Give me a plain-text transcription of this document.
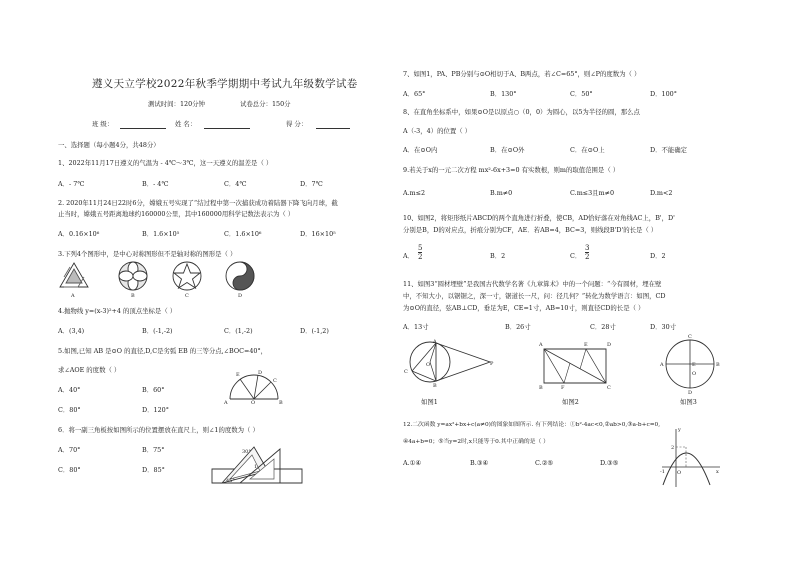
遵义天立学校2022年秋季学期期中考试九年级数学试卷
测试时间：120分钟	试卷总分：150分
班 级：	姓 名：	得 分：
一、选择题（每小题4分，共48分）
1、2022年11月17日遵义的气温为 - 4℃～3℃，这一天遵义的温差是（ ）
A．- 7℃	B．- 4℃	C．4℃	D．7℃
2. 2020年11月24日22时6分，嫦娥五号实现了“结过程中第一次捕获成功着陆器下降飞向月球，截
止当时，嫦娥五号距离地球约160000公里，其中160000用科学记数法表示为（ ）
A．0.16×10⁶	B．1.6×10⁵	C．1.6×10⁶	D．16×10⁵
3.下列4个图形中，是中心对称图形但不是轴对称的图形是（ ）
A	B	C	D
4.抛物线 y=(x-3)²+4 的顶点坐标是（ ）
A．(3,4)	B．(-1,-2)	C．(1,-2)	D．(-1,2)
5.如图,已知 AB 是⊙O 的直径,D,C是劣弧 EB 的三等分点,∠BOC=40°，
求∠AOE 的度数（ ）
A．40°	B．60°
C．80°	D．120°
E	D
C
A	O	B
6．将一副三角板按如图所示的位置摆放在直尺上，则∠1的度数为（ ）
A．70°	B．75°
C．80°	D．85°
30°
1
45°
7、如图1，PA、PB分别与⊙O相切于A、B两点，若∠C=65°，则∠P的度数为（ ）
A．65°	B．130°	C．50°	D．100°
8、在直角坐标系中，如果⊙O是以原点○（0，0）为圆心，以5为半径的圆，那么点
A（-3，4）的位置（ ）
A．在⊙O内	B．在⊙O外	C．在⊙O上	D．不能确定
9.若关于x的一元二次方程 mx²-6x+3=0 有实数根，则m的取值范围是（ ）
A.m≤2	B.m≠0	C.m≤3且m≠0	D.m<2
10、如图2，将矩形纸片ABCD的两个直角进行折叠，使CB，AD恰好落在对角线AC上，B'，D'
分别是B，D的对应点，折痕分别为CF，AE．若AB=4，BC=3，则线段B'D'的长是（ ）
A． $\frac{5}{2}$	B．2	C． $\frac{3}{2}$	D．2
11、如图3“圆材埋壁”是我国古代数学名著《九章算术》中的一个问题：“今有圆材，埋在壁
中，不知大小，以锯锯之，深一寸，锯道长一尺，问：径几何？”转化为数学语言：如图，CD
为⊙O的直径，弦AB⊥CD，垂足为E，CE=1寸，AB=10寸，则直径CD的长是（ ）
A．13寸	B．26寸	C．28寸	D．30寸
A
C
O	P
B
A	D
B	C
E
F
C
A	E	B
O
D
如图1	如图2	如图3
12.二次函数 y=ax²+bx+c(a≠0)的图象如图所示. 有下列结论：①b²-4ac<0,②ab>0,③a-b+c=0,
④4a+b=0；⑤当y=2时,x只能等于0.其中正确的是（ ）
A.①④	B.③④	C.②⑤	D.③⑤
y
2
-1 O	x
